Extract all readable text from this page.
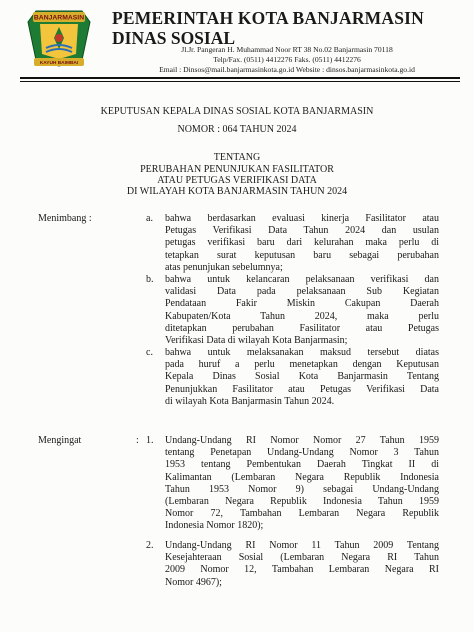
BANJARMASIN
KAYUH BAIMBAI
PEMERINTAH KOTA BANJARMASIN
DINAS SOSIAL
Jl.Jr. Pangeran H. Muhammad Noor RT 38 No.02 Banjarmasin 70118
Telp/Fax. (0511) 4412276 Faks. (0511) 4412276
Email : Dinsos@mail.banjarmasinkota.go.id Website : dinsos.banjarmasinkota.go.id
KEPUTUSAN KEPALA DINAS SOSIAL KOTA BANJARMASIN
NOMOR : 064 TAHUN 2024
TENTANG
PERUBAHAN PENUNJUKAN FASILITATOR
ATAU PETUGAS VERIFIKASI DATA
DI WILAYAH KOTA BANJARMASIN TAHUN 2024
Menimbang :	a. bahwa berdasarkan evaluasi kinerja Fasilitator atau
Petugas Verifikasi Data Tahun 2024 dan usulan
petugas verifikasi baru dari kelurahan maka perlu di
tetapkan surat keputusan baru sebagai perubahan
atas penunjukan sebelumnya;
b. bahwa untuk kelancaran pelaksanaan verifikasi dan
validasi Data pada pelaksanaan Sub Kegiatan
Pendataan Fakir Miskin Cakupan Daerah
Kabupaten/Kota Tahun 2024, maka perlu
ditetapkan perubahan Fasilitator atau Petugas
Verifikasi Data di wilayah Kota Banjarmasin;
c. bahwa untuk melaksanakan maksud tersebut diatas
pada huruf a perlu menetapkan dengan Keputusan
Kepala Dinas Sosial Kota Banjarmasin Tentang
Penunjukkan Fasilitator atau Petugas Verifikasi Data
di wilayah Kota Banjarmasin Tahun 2024.
Mengingat	: 1. Undang-Undang RI Nomor Nomor 27 Tahun 1959
tentang Penetapan Undang-Undang Nomor 3 Tahun
1953 tentang Pembentukan Daerah Tingkat II di
Kalimantan (Lembaran Negara Republik Indonesia
Tahun 1953 Nomor 9) sebagai Undang-Undang
(Lembaran Negara Republik Indonesia Tahun 1959
Nomor 72, Tambahan Lembaran Negara Republik
Indonesia Nomor 1820);
2. Undang-Undang RI Nomor 11 Tahun 2009 Tentang
Kesejahteraan Sosial (Lembaran Negara RI Tahun
2009 Nomor 12, Tambahan Lembaran Negara RI
Nomor 4967);
